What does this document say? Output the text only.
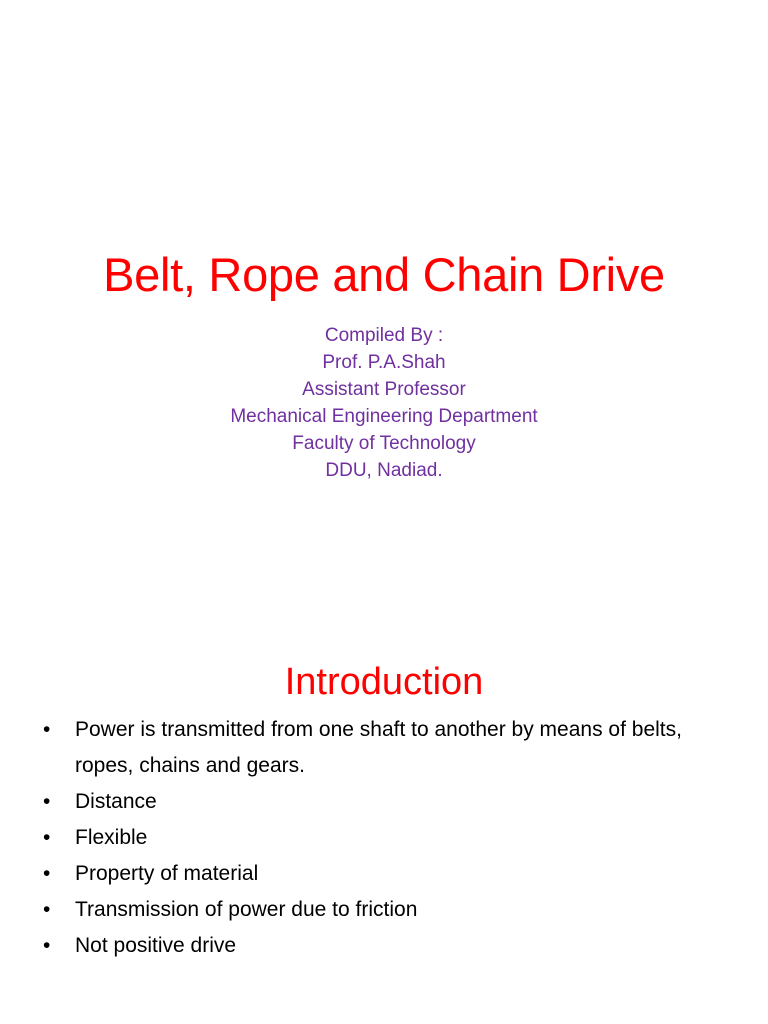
Belt, Rope and Chain Drive
Compiled By :
Prof. P.A.Shah
Assistant Professor
Mechanical Engineering Department
Faculty of Technology
DDU, Nadiad.
Introduction
• Power is transmitted from one shaft to another by means of belts, ropes, chains and gears.
• Distance
• Flexible
• Property of material
• Transmission of power due to friction
• Not positive drive
